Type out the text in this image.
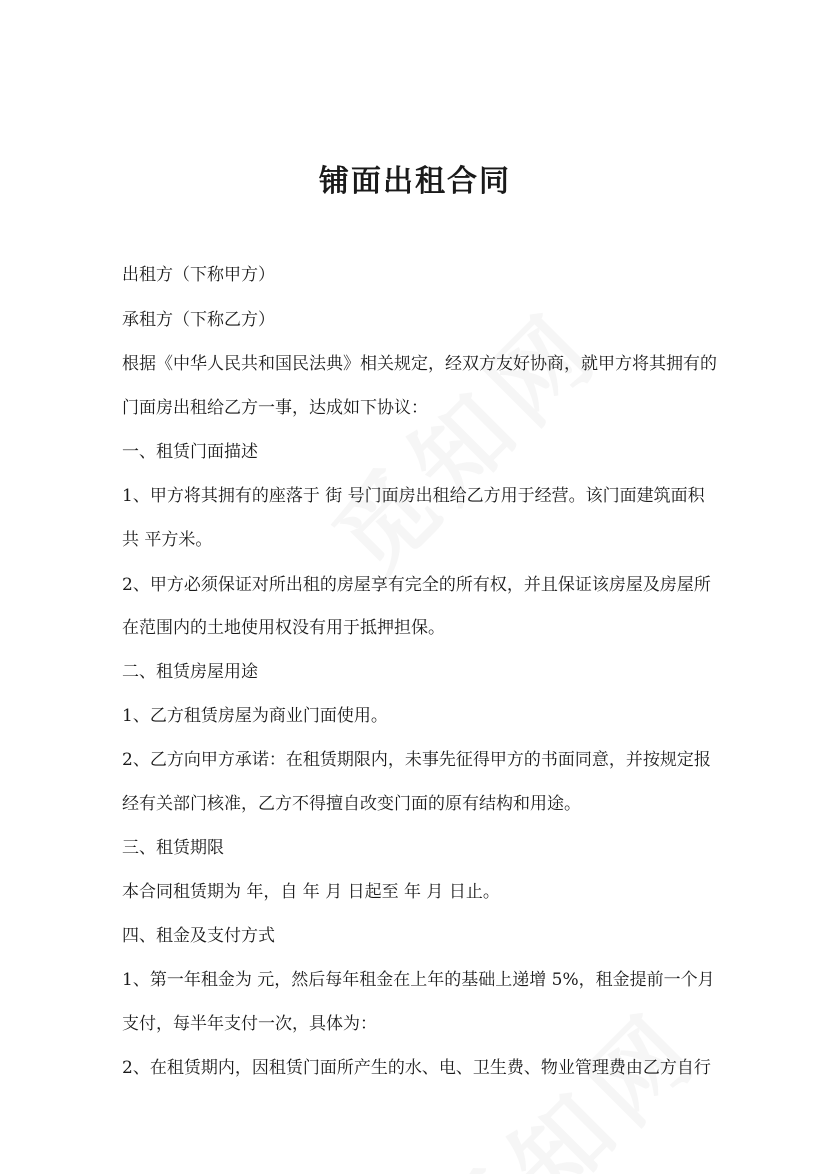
铺面出租合同

出租方（下称甲方）

承租方（下称乙方）

根据《中华人民共和国民法典》相关规定，经双方友好协商，就甲方将其拥有的

门面房出租给乙方一事，达成如下协议：

一、租赁门面描述

1、甲方将其拥有的座落于 街 号门面房出租给乙方用于经营。该门面建筑面积

共 平方米。

2、甲方必须保证对所出租的房屋享有完全的所有权，并且保证该房屋及房屋所

在范围内的土地使用权没有用于抵押担保。

二、租赁房屋用途

1、乙方租赁房屋为商业门面使用。

2、乙方向甲方承诺：在租赁期限内，未事先征得甲方的书面同意，并按规定报

经有关部门核准，乙方不得擅自改变门面的原有结构和用途。

三、租赁期限

本合同租赁期为 年，自 年 月 日起至 年 月 日止。

四、租金及支付方式

1、第一年租金为 元，然后每年租金在上年的基础上递增 5%，租金提前一个月

支付，每半年支付一次，具体为：

2、在租赁期内，因租赁门面所产生的水、电、卫生费、物业管理费由乙方自行
